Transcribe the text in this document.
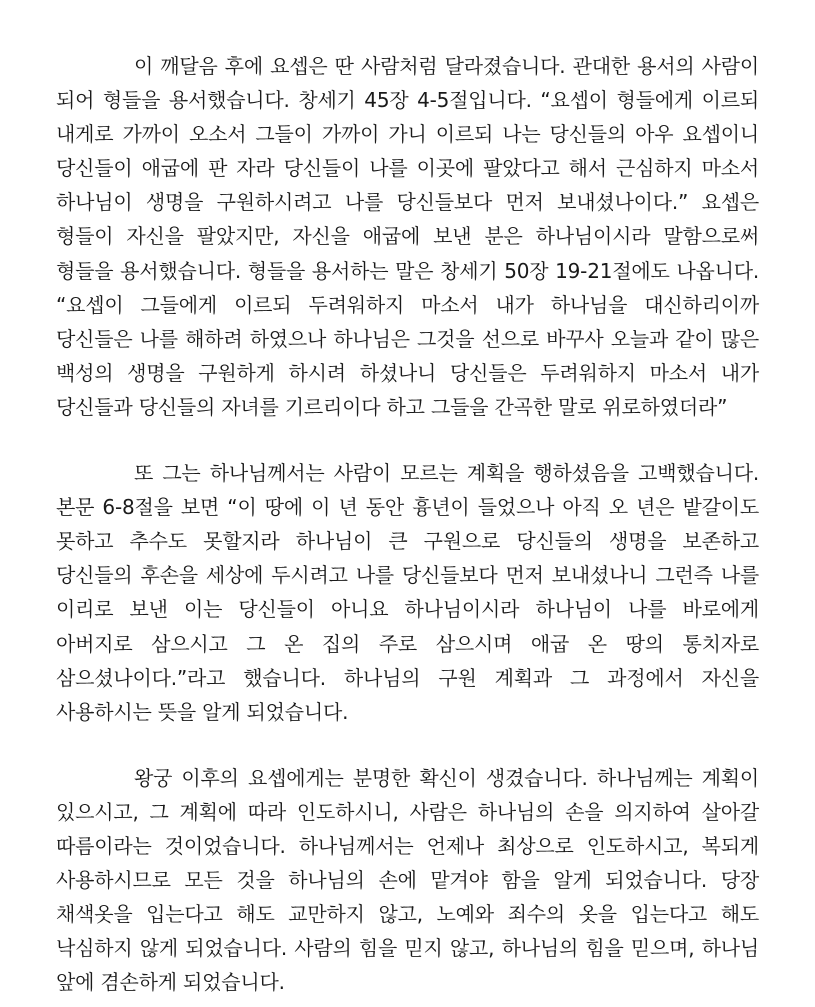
이 깨달음 후에 요셉은 딴 사람처럼 달라졌습니다. 관대한 용서의 사람이 되어 형들을 용서했습니다. 창세기 45장 4-5절입니다. “요셉이 형들에게 이르되 내게로 가까이 오소서 그들이 가까이 가니 이르되 나는 당신들의 아우 요셉이니 당신들이 애굽에 판 자라 당신들이 나를 이곳에 팔았다고 해서 근심하지 마소서 하나님이 생명을 구원하시려고 나를 당신들보다 먼저 보내셨나이다.” 요셉은 형들이 자신을 팔았지만, 자신을 애굽에 보낸 분은 하나님이시라 말함으로써 형들을 용서했습니다. 형들을 용서하는 말은 창세기 50장 19-21절에도 나옵니다. “요셉이 그들에게 이르되 두려워하지 마소서 내가 하나님을 대신하리이까 당신들은 나를 해하려 하였으나 하나님은 그것을 선으로 바꾸사 오늘과 같이 많은 백성의 생명을 구원하게 하시려 하셨나니 당신들은 두려워하지 마소서 내가 당신들과 당신들의 자녀를 기르리이다 하고 그들을 간곡한 말로 위로하였더라”

또 그는 하나님께서는 사람이 모르는 계획을 행하셨음을 고백했습니다. 본문 6-8절을 보면 “이 땅에 이 년 동안 흉년이 들었으나 아직 오 년은 밭갈이도 못하고 추수도 못할지라 하나님이 큰 구원으로 당신들의 생명을 보존하고 당신들의 후손을 세상에 두시려고 나를 당신들보다 먼저 보내셨나니 그런즉 나를 이리로 보낸 이는 당신들이 아니요 하나님이시라 하나님이 나를 바로에게 아버지로 삼으시고 그 온 집의 주로 삼으시며 애굽 온 땅의 통치자로 삼으셨나이다.”라고 했습니다. 하나님의 구원 계획과 그 과정에서 자신을 사용하시는 뜻을 알게 되었습니다.

왕궁 이후의 요셉에게는 분명한 확신이 생겼습니다. 하나님께는 계획이 있으시고, 그 계획에 따라 인도하시니, 사람은 하나님의 손을 의지하여 살아갈 따름이라는 것이었습니다. 하나님께서는 언제나 최상으로 인도하시고, 복되게 사용하시므로 모든 것을 하나님의 손에 맡겨야 함을 알게 되었습니다. 당장 채색옷을 입는다고 해도 교만하지 않고, 노예와 죄수의 옷을 입는다고 해도 낙심하지 않게 되었습니다. 사람의 힘을 믿지 않고, 하나님의 힘을 믿으며, 하나님 앞에 겸손하게 되었습니다.
